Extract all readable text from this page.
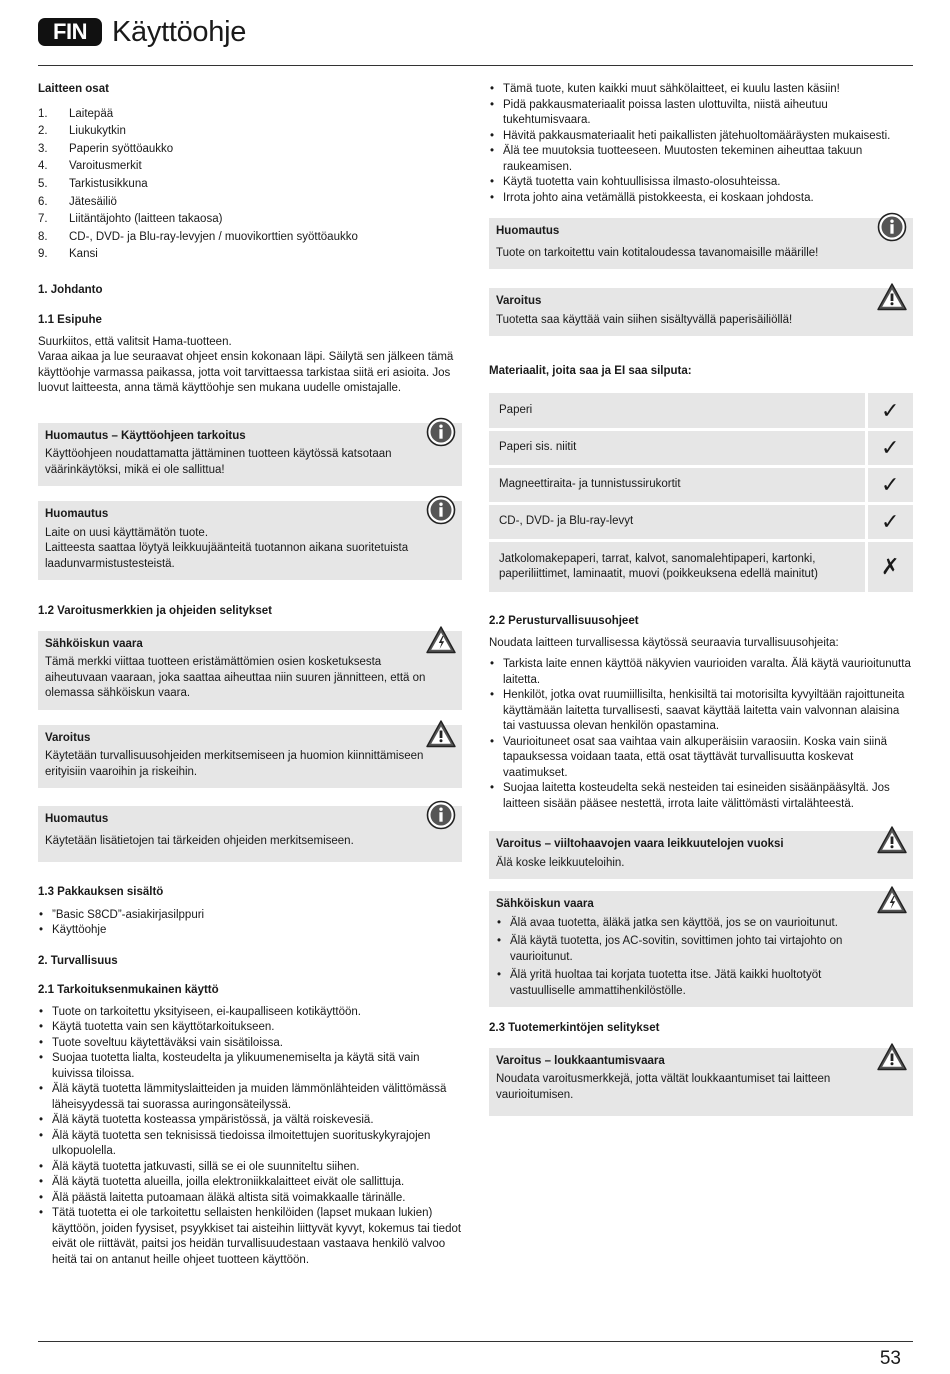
FIN Käyttöohje
Laitteen osat
1.	Laitepää
2.	Liukukytkin
3.	Paperin syöttöaukko
4.	Varoitusmerkit
5.	Tarkistusikkuna
6.	Jätesäiliö
7.	Liitäntäjohto (laitteen takaosa)
8.	CD-, DVD- ja Blu-ray-levyjen / muovikorttien syöttöaukko
9.	Kansi
1. Johdanto
1.1 Esipuhe

Suurkiitos, että valitsit Hama-tuotteen.

Varaa aikaa ja lue seuraavat ohjeet ensin kokonaan läpi. Säilytä sen jälkeen tämä käyttöohje varmassa paikassa, jotta voit tarvittaessa tarkistaa siitä eri asioita. Jos luovut laitteesta, anna tämä käyttöohje sen mukana uudelle omistajalle.

Huomautus – Käyttöohjeen tarkoitus

Käyttöohjeen noudattamatta jättäminen tuotteen käytössä katsotaan väärinkäytöksi, mikä ei ole sallittua!

Huomautus

Laite on uusi käyttämätön tuote.

Laitteesta saattaa löytyä leikkuujäänteitä tuotannon aikana suoritetuista laadunvarmistustesteistä.

1.2 Varoitusmerkkien ja ohjeiden selitykset
Sähköiskun vaara

Tämä merkki viittaa tuotteen eristämättömien osien kosketuksesta aiheutuvaan vaaraan, joka saattaa aiheuttaa niin suuren jännitteen, että on olemassa sähköiskun vaara.

Varoitus

Käytetään turvallisuusohjeiden merkitsemiseen ja huomion kiinnittämiseen erityisiin vaaroihin ja riskeihin.

Huomautus

Käytetään lisätietojen tai tärkeiden ohjeiden merkitsemiseen.

1.3 Pakkauksen sisältö
• ”Basic S8CD”-asiakirjasilppuri
• Käyttöohje
2. Turvallisuus
2.1 Tarkoituksenmukainen käyttö
• Tuote on tarkoitettu yksityiseen, ei-kaupalliseen kotikäyttöön.
• Käytä tuotetta vain sen käyttötarkoitukseen.
• Tuote soveltuu käytettäväksi vain sisätiloissa.
• Suojaa tuotetta lialta, kosteudelta ja ylikuumenemiselta ja käytä sitä vain kuivissa tiloissa.
• Älä käytä tuotetta lämmityslaitteiden ja muiden lämmönlähteiden välittömässä läheisyydessä tai suorassa auringonsäteilyssä.
• Älä käytä tuotetta kosteassa ympäristössä, ja vältä roiskevesiä.
• Älä käytä tuotetta sen teknisissä tiedoissa ilmoitettujen suorituskykyrajojen ulkopuolella.
• Älä käytä tuotetta jatkuvasti, sillä se ei ole suunniteltu siihen.
• Älä käytä tuotetta alueilla, joilla elektroniikkalaitteet eivät ole sallittuja.
• Älä päästä laitetta putoamaan äläkä altista sitä voimakkaalle tärinälle.
• Tätä tuotetta ei ole tarkoitettu sellaisten henkilöiden (lapset mukaan lukien) käyttöön, joiden fyysiset, psyykkiset tai aisteihin liittyvät kyvyt, kokemus tai tiedot eivät ole riittävät, paitsi jos heidän turvallisuudestaan vastaava henkilö valvoo heitä tai on antanut heille ohjeet tuotteen käyttöön.
• Tämä tuote, kuten kaikki muut sähkölaitteet, ei kuulu lasten käsiin!
• Pidä pakkausmateriaalit poissa lasten ulottuvilta, niistä aiheutuu tukehtumisvaara.
• Hävitä pakkausmateriaalit heti paikallisten jätehuoltomääräysten mukaisesti.
• Älä tee muutoksia tuotteeseen. Muutosten tekeminen aiheuttaa takuun raukeamisen.
• Käytä tuotetta vain kohtuullisissa ilmasto-olosuhteissa.
• Irrota johto aina vetämällä pistokkeesta, ei koskaan johdosta.
Huomautus

Tuote on tarkoitettu vain kotitaloudessa tavanomaisille määrille!

Varoitus

Tuotetta saa käyttää vain siihen sisältyvällä paperisäiliöllä!

Materiaalit, joita saa ja EI saa silputa:
Paperi	✓
Paperi sis. niitit	✓
Magneettiraita- ja tunnistussirukortit	✓
CD-, DVD- ja Blu-ray-levyt	✓
Jatkolomakepaperi, tarrat, kalvot, sanomalehtipaperi, kartonki, paperiliittimet, laminaatit, muovi (poikkeuksena edellä mainitut)	✗
2.2 Perusturvallisuusohjeet

Noudata laitteen turvallisessa käytössä seuraavia turvallisuusohjeita:

• Tarkista laite ennen käyttöä näkyvien vaurioiden varalta. Älä käytä vaurioitunutta laitetta.
• Henkilöt, jotka ovat ruumiillisilta, henkisiltä tai motorisilta kyvyiltään rajoittuneita käyttämään laitetta turvallisesti, saavat käyttää laitetta vain valvonnan alaisina tai vastuussa olevan henkilön opastamina.
• Vaurioituneet osat saa vaihtaa vain alkuperäisiin varaosiin. Koska vain siinä tapauksessa voidaan taata, että osat täyttävät turvallisuutta koskevat vaatimukset.
• Suojaa laitetta kosteudelta sekä nesteiden tai esineiden sisäänpääsyltä. Jos laitteen sisään pääsee nestettä, irrota laite välittömästi virtalähteestä.
Varoitus – viiltohaavojen vaara leikkuutelojen vuoksi

Älä koske leikkuuteloihin.

Sähköiskun vaara
• Älä avaa tuotetta, äläkä jatka sen käyttöä, jos se on vaurioitunut.
• Älä käytä tuotetta, jos AC-sovitin, sovittimen johto tai virtajohto on vaurioitunut.
• Älä yritä huoltaa tai korjata tuotetta itse. Jätä kaikki huoltotyöt vastuulliselle ammattihenkilöstölle.
2.3 Tuotemerkintöjen selitykset
Varoitus – loukkaantumisvaara

Noudata varoitusmerkkejä, jotta vältät loukkaantumiset tai laitteen vaurioitumisen.

53
